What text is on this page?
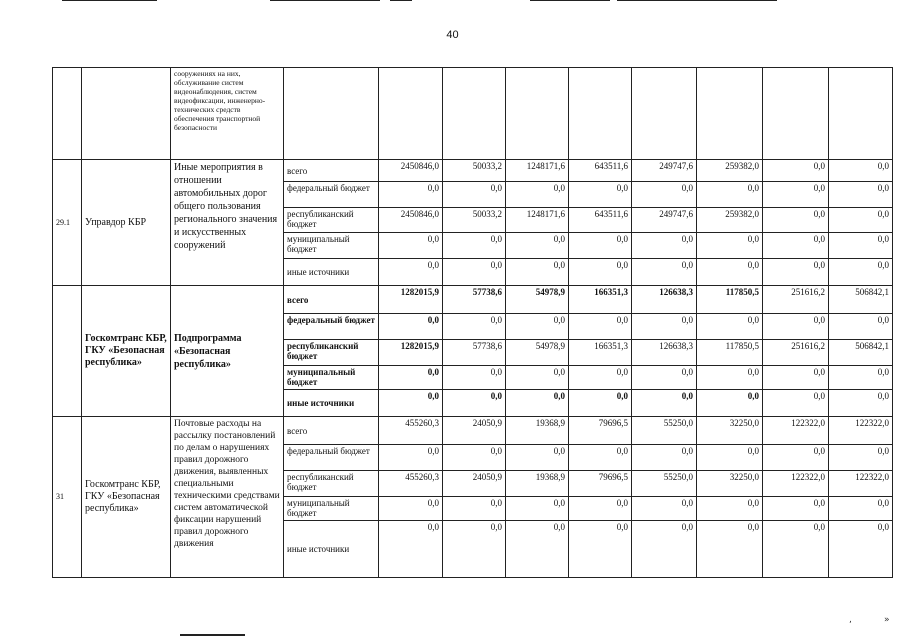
40
		сооружениях на них, обслуживание систем видеонаблюдения, систем видеофиксации, инженерно-технических средств обеспечения транспортной безопасности									
29.1	Управдор КБР	Иные мероприятия в отношении автомобильных дорог общего пользования регионального значения и искусственных сооружений	всего	2450846,0	50033,2	1248171,6	643511,6	249747,6	259382,0	0,0	0,0
			федеральный бюджет	0,0	0,0	0,0	0,0	0,0	0,0	0,0	0,0
			республиканский бюджет	2450846,0	50033,2	1248171,6	643511,6	249747,6	259382,0	0,0	0,0
			муниципальный бюджет	0,0	0,0	0,0	0,0	0,0	0,0	0,0	0,0
			иные источники	0,0	0,0	0,0	0,0	0,0	0,0	0,0	0,0
	Госкомтранс КБР, ГКУ «Безопасная республика»	Подпрограмма «Безопасная республика»	всего	1282015,9	57738,6	54978,9	166351,3	126638,3	117850,5	251616,2	506842,1
			федеральный бюджет	0,0	0,0	0,0	0,0	0,0	0,0	0,0	0,0
			республиканский бюджет	1282015,9	57738,6	54978,9	166351,3	126638,3	117850,5	251616,2	506842,1
			муниципальный бюджет	0,0	0,0	0,0	0,0	0,0	0,0	0,0	0,0
			иные источники	0,0	0,0	0,0	0,0	0,0	0,0	0,0	0,0
31	Госкомтранс КБР, ГКУ «Безопасная республика»	Почтовые расходы на рассылку постановлений по делам о нарушениях правил дорожного движения, выявленных специальными техническими средствами систем автоматической фиксации нарушений правил дорожного движения	всего	455260,3	24050,9	19368,9	79696,5	55250,0	32250,0	122322,0	122322,0
			федеральный бюджет	0,0	0,0	0,0	0,0	0,0	0,0	0,0	0,0
			республиканский бюджет	455260,3	24050,9	19368,9	79696,5	55250,0	32250,0	122322,0	122322,0
			муниципальный бюджет	0,0	0,0	0,0	0,0	0,0	0,0	0,0	0,0
			иные источники	0,0	0,0	0,0	0,0	0,0	0,0	0,0	0,0
,	»
